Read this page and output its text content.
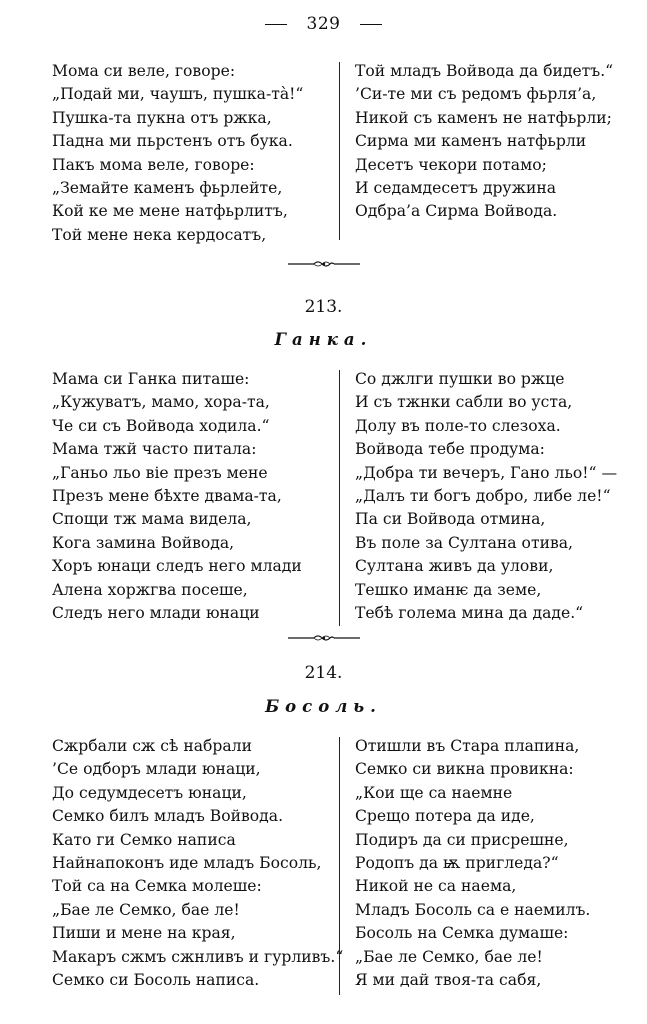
329
Мома си веле, говоре:
„Подай ми, чаушъ, пушка-та̀!“
Пушка-та пукна отъ ржка,
Падна ми пьрстенъ отъ бука.
Пакъ мома веле, говоре:
„Земайте каменъ фьрлейте,
Кой ке ме мене натфьрлитъ,
Той мене нека кердосатъ,
Той младъ Войвода да бидетъ.“
’Си-те ми съ редомъ фьрля’а,
Никой съ каменъ не натфьрли;
Сирма ми каменъ натфьрли
Десетъ чекори потамо;
И седамдесетъ дружина
Одбра’а Сирма Войвода.
213.
Ганка.
Мама си Ганка питаше:
„Кужуватъ, мамо, хора-та,
Че си съ Войвода ходила.“
Мама тжй часто питала:
„Ганьо льо віе презъ мене
Презъ мене бѣхте двама-та,
Спощи тж мама видела,
Кога замина Войвода,
Хоръ юнаци следъ него млади
Алена хоржгва посеше,
Следъ него млади юнаци
Со джлги пушки во ржце
И съ тжнки сабли во уста,
Долу въ поле-то слезоха.
Войвода тебе продума:
„Добра ти вечеръ, Гано льо!“ —
„Далъ ти богъ добро, либе ле!“
Па си Войвода отмина,
Въ поле за Султана отива,
Султана живъ да улови,
Тешко иманѥ да земе,
Тебѣ голема мина да даде.“
214.
Босоль.
Сжрбали сж сѣ набрали
’Се одборъ млади юнаци,
До седумдесетъ юнаци,
Семко билъ младъ Войвода.
Като ги Семко написа
Найнапоконъ иде младъ Босоль,
Той са на Семка молеше:
„Бае ле Семко, бае ле!
Пиши и мене на края,
Макаръ сжмъ сжнливъ и гурливъ.“
Семко си Босоль написа.
Отишли въ Стара плапина,
Семко си викна провикна:
„Кои ще са наемне
Срещо потерa да иде,
Подиръ да си присрешне,
Родопъ да ѭ пригледа?“
Никой не са наема,
Младъ Босоль са е наемилъ.
Босоль на Семка думаше:
„Бае ле Семко, бае ле!
Я ми дай твоя-та сабя,
